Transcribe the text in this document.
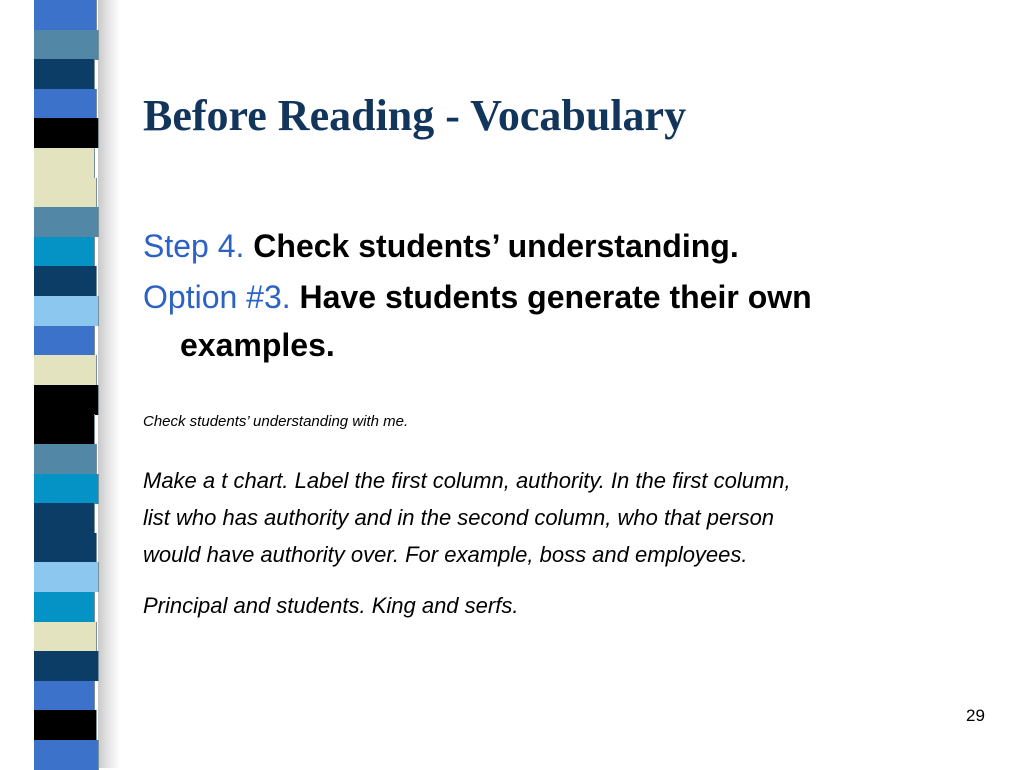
Before Reading - Vocabulary

Step 4. Check students’ understanding.

Option #3. Have students generate their own

examples.

Check students’ understanding with me.

Make a t chart. Label the first column, authority. In the first column,

list who has authority and in the second column, who that person

would have authority over. For example, boss and employees.

Principal and students. King and serfs.

29
